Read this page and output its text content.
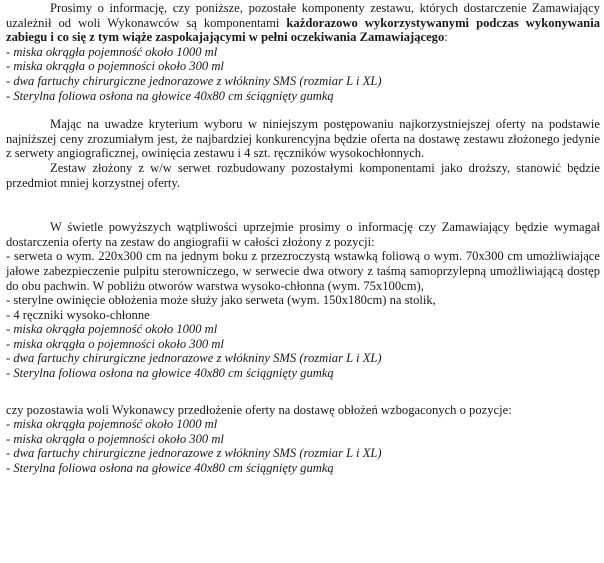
Prosimy o informację, czy poniższe, pozostałe komponenty zestawu, których dostarczenie Zamawiający uzależnił od woli Wykonawców są komponentami każdorazowo wykorzystywanymi podczas wykonywania zabiegu i co się z tym wiąże zaspokajającymi w pełni oczekiwania Zamawiającego:

- miska okrągła pojemność około 1000 ml
- miska okrągła o pojemności około 300 ml
- dwa fartuchy chirurgiczne jednorazowe z włókniny SMS (rozmiar L i XL)
- Sterylna foliowa osłona na głowice 40x80 cm ściągnięty gumką

Mając na uwadze kryterium wyboru w niniejszym postępowaniu najkorzystniejszej oferty na podstawie najniższej ceny zrozumiałym jest, że najbardziej konkurencyjna będzie oferta na dostawę zestawu złożonego jedynie z serwety angiograficznej, owinięcia zestawu i 4 szt. ręczników wysokochłonnych.

Zestaw złożony z w/w serwet rozbudowany pozostałymi komponentami jako droższy, stanowić będzie przedmiot mniej korzystnej oferty.

W świetle powyższych wątpliwości uprzejmie prosimy o informację czy Zamawiający będzie wymagał dostarczenia oferty na zestaw do angiografii w całości złożony z pozycji:

- serweta o wym. 220x300 cm na jednym boku z przezroczystą wstawką foliową o wym. 70x300 cm umożliwiające jałowe zabezpieczenie pulpitu sterowniczego, w serwecie dwa otwory z taśmą samoprzylepną umożliwiającą dostęp do obu pachwin. W pobliżu otworów warstwa wysoko-chłonna (wym. 75x100cm),
- sterylne owinięcie obłożenia może służy jako serweta (wym. 150x180cm) na stolik,
- 4 ręczniki wysoko-chłonne
- miska okrągła pojemność około 1000 ml
- miska okrągła o pojemności około 300 ml
- dwa fartuchy chirurgiczne jednorazowe z włókniny SMS (rozmiar L i XL)
- Sterylna foliowa osłona na głowice 40x80 cm ściągnięty gumką

czy pozostawia woli Wykonawcy przedłożenie oferty na dostawę obłożeń wzbogaconych o pozycje:

- miska okrągła pojemność około 1000 ml
- miska okrągła o pojemności około 300 ml
- dwa fartuchy chirurgiczne jednorazowe z włókniny SMS (rozmiar L i XL)
- Sterylna foliowa osłona na głowice 40x80 cm ściągnięty gumką
